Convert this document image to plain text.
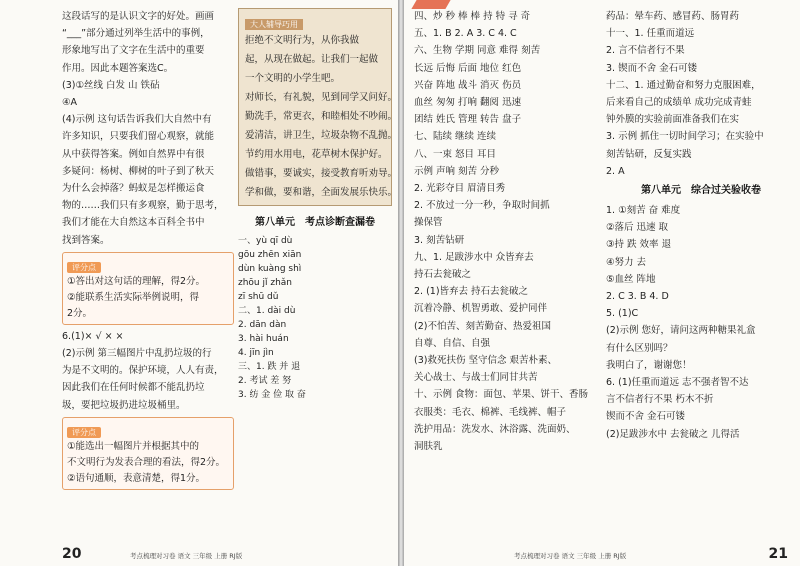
这段话写的是认识文字的好处。画画
“___”部分通过列举生活中的事例，
形象地写出了文字在生活中的重要
作用。因此本题答案选C。
(3)①丝线 白发 山 铁砧
④A
(4)示例 这句话告诉我们大自然中有
许多知识，只要我们留心观察，就能
从中获得答案。例如自然界中有很
多疑问：杨树、柳树的叶子到了秋天
为什么会掉落？蚂蚁是怎样搬运食
物的……我们只有多观察，勤于思考，
我们才能在大自然这本百科全书中
找到答案。
评分点
①答出对这句话的理解，得2分。
②能联系生活实际举例说明，得
2分。
6.(1)× √ × ×
(2)示例 第三幅图片中乱扔垃圾的行
为是不文明的。保护环境，人人有责，
因此我们在任何时候都不能乱扔垃
圾，要把垃圾扔进垃圾桶里。
评分点
①能选出一幅图片并根据其中的
不文明行为发表合理的看法，得2分。
②语句通顺，表意清楚，得1分。
大人辅导巧用
拒绝不文明行为，从你我做
起，从现在做起。让我们一起做
一个文明的小学生吧。
对师长，有礼貌，见到同学又问好。
勤洗手，常更衣，和睦相处不吵闹。
爱清洁，讲卫生，垃圾杂物不乱抛。
节约用水用电，花草树木保护好。
做错事，要诚实，接受教育听劝导。
学和做，要和谐，全面发展乐快乐。
第八单元　考点诊断查漏卷
一、yù qī dù
gōu zhēn xiān
dùn kuàng shì
zhōu jǐ zhǎn
zī shū dǔ
二、1. dài dù
2. dān dàn
3. hài huán
4. jīn jìn
三、1. 跌 并 退
2. 考试 差 努
3. 纺 金 俭 取 奋
20	考点梳理对习卷 语文 三年级 上册 RJ版
四、炒 秒 棒 棒 持 特 寻 奇
五、1. B 2. A 3. C 4. C
六、生物 学期 同意 难得 刻苦
长远 后悔 后面 地位 红色
兴奋 阵地 战斗 消灭 伤员
血丝 匆匆 打响 翻阅 迅速
团结 姓氏 管理 转告 盘子
七、陆续 继续 连续
八、一束 怒目 耳目
示例 声响 刻苦 分秒
2. 光彩夺目 眉清目秀
2. 不放过一分一秒，争取时间抓
操保管
3. 刻苦钻研
九、1. 足跋涉水中 众皆弃去
持石去瓮破之
2. (1)皆弃去 持石去瓮破之
沉着冷静、机智勇敢、爱护同伴
(2)不怕苦、刻苦勤奋、热爱祖国
自尊、自信、自强
(3)救死扶伤 坚守信念 艰苦朴素、
关心战士、与战士们同甘共苦
十、示例 食物：面包、苹果、饼干、香肠
衣服类：毛衣、棉裤、毛线裤、帽子
洗护用品：洗发水、沐浴露、洗面奶、
洞肤乳
药品：晕车药、感冒药、肠胃药
十一、1. 任重而道远
2. 言不信者行不果
3. 锲而不舍 金石可镂
十二、1. 通过勤奋和努力克服困难，
后来看自己的成绩单 成功完成青蛙
钟外膜的实验前面准备我们在实
3. 示例 抓住一切时间学习；在实验中
刻苦钻研，反复实践
2. A
第八单元　综合过关验收卷
1. ①刻苦 奋 难度
②落后 迅速 取
③持 跌 效率 退
④努力 去
⑤血丝 阵地
2. C 3. B 4. D
5. (1)C
(2)示例 您好，请问这两种糖果礼盒
有什么区别吗？
我明白了，谢谢您！
6. (1)任重而道远 志不强者智不达
言不信者行不果 朽木不折
锲而不舍 金石可镂
(2)足跋涉水中 去瓮破之 儿得活
考点梳理对习卷 语文 三年级 上册 RJ版	21
